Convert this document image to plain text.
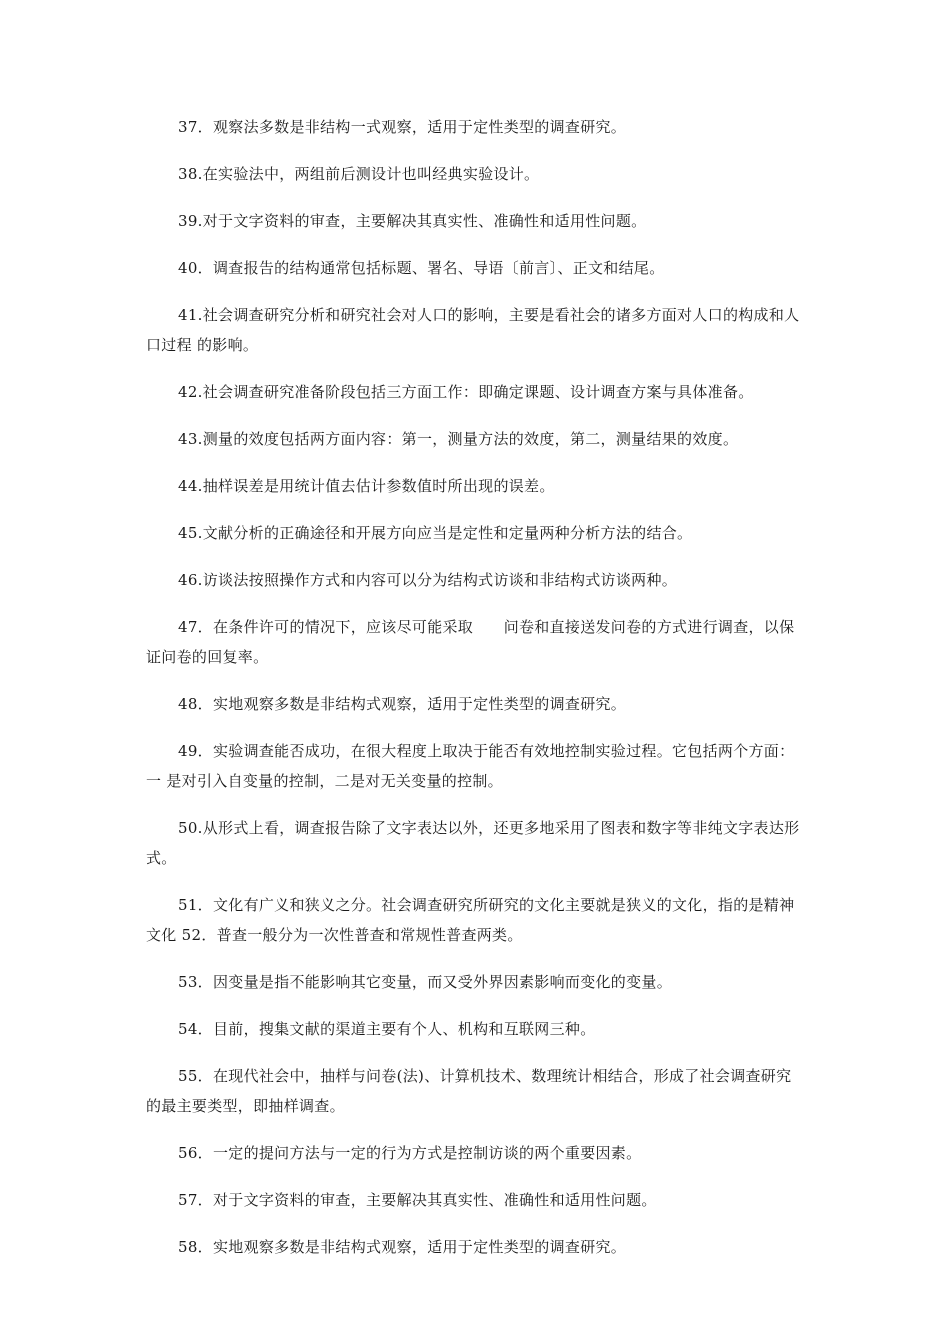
37．观察法多数是非结构一式观察，适用于定性类型的调查研究。

38.在实验法中，两组前后测设计也叫经典实验设计。

39.对于文字资料的审查，主要解决其真实性、准确性和适用性问题。

40．调查报告的结构通常包括标题、署名、导语〔前言〕、正文和结尾。

41.社会调查研究分析和研究社会对人口的影响，主要是看社会的诸多方面对人口的构成和人口过程 的影响。

42.社会调查研究准备阶段包括三方面工作：即确定课题、设计调查方案与具体准备。

43.测量的效度包括两方面内容：第一，测量方法的效度，第二，测量结果的效度。

44.抽样误差是用统计值去估计参数值时所出现的误差。

45.文献分析的正确途径和开展方向应当是定性和定量两种分析方法的结合。

46.访谈法按照操作方式和内容可以分为结构式访谈和非结构式访谈两种。

47．在条件许可的情况下，应该尽可能采取　　问卷和直接送发问卷的方式进行调查，以保证问卷的回复率。

48．实地观察多数是非结构式观察，适用于定性类型的调查研究。

49．实验调查能否成功，在很大程度上取决于能否有效地控制实验过程。它包括两个方面：一 是对引入自变量的控制，二是对无关变量的控制。

50.从形式上看，调查报告除了文字表达以外，还更多地采用了图表和数字等非纯文字表达形式。

51．文化有广义和狭义之分。社会调查研究所研究的文化主要就是狭义的文化，指的是精神文化 52．普查一般分为一次性普查和常规性普查两类。

53．因变量是指不能影响其它变量，而又受外界因素影响而变化的变量。

54．目前，搜集文献的渠道主要有个人、机构和互联网三种。

55．在现代社会中，抽样与问卷(法)、计算机技术、数理统计相结合，形成了社会调查研究的最主要类型，即抽样调查。

56．一定的提问方法与一定的行为方式是控制访谈的两个重要因素。

57．对于文字资料的审查，主要解决其真实性、准确性和适用性问题。

58．实地观察多数是非结构式观察，适用于定性类型的调查研究。
